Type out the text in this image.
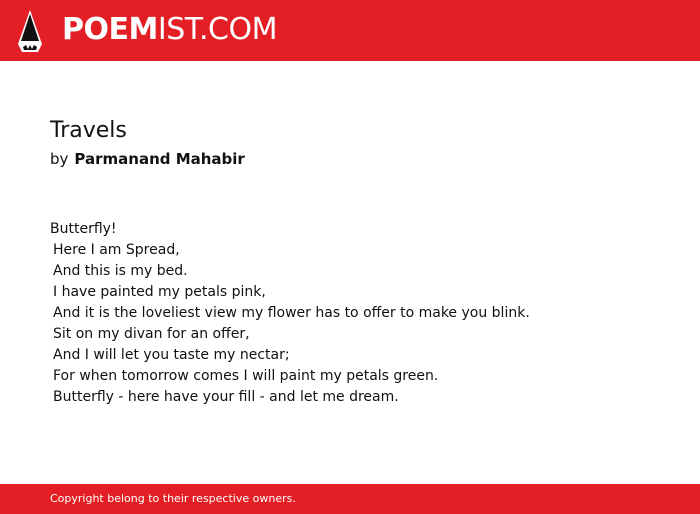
POEMIST.COM
Travels
by Parmanand Mahabir
Butterfly!
Here I am Spread,
And this is my bed.
I have painted my petals pink,
And it is the loveliest view my flower has to offer to make you blink.
Sit on my divan for an offer,
And I will let you taste my nectar;
For when tomorrow comes I will paint my petals green.
Butterfly - here have your fill - and let me dream.
Copyright belong to their respective owners.
